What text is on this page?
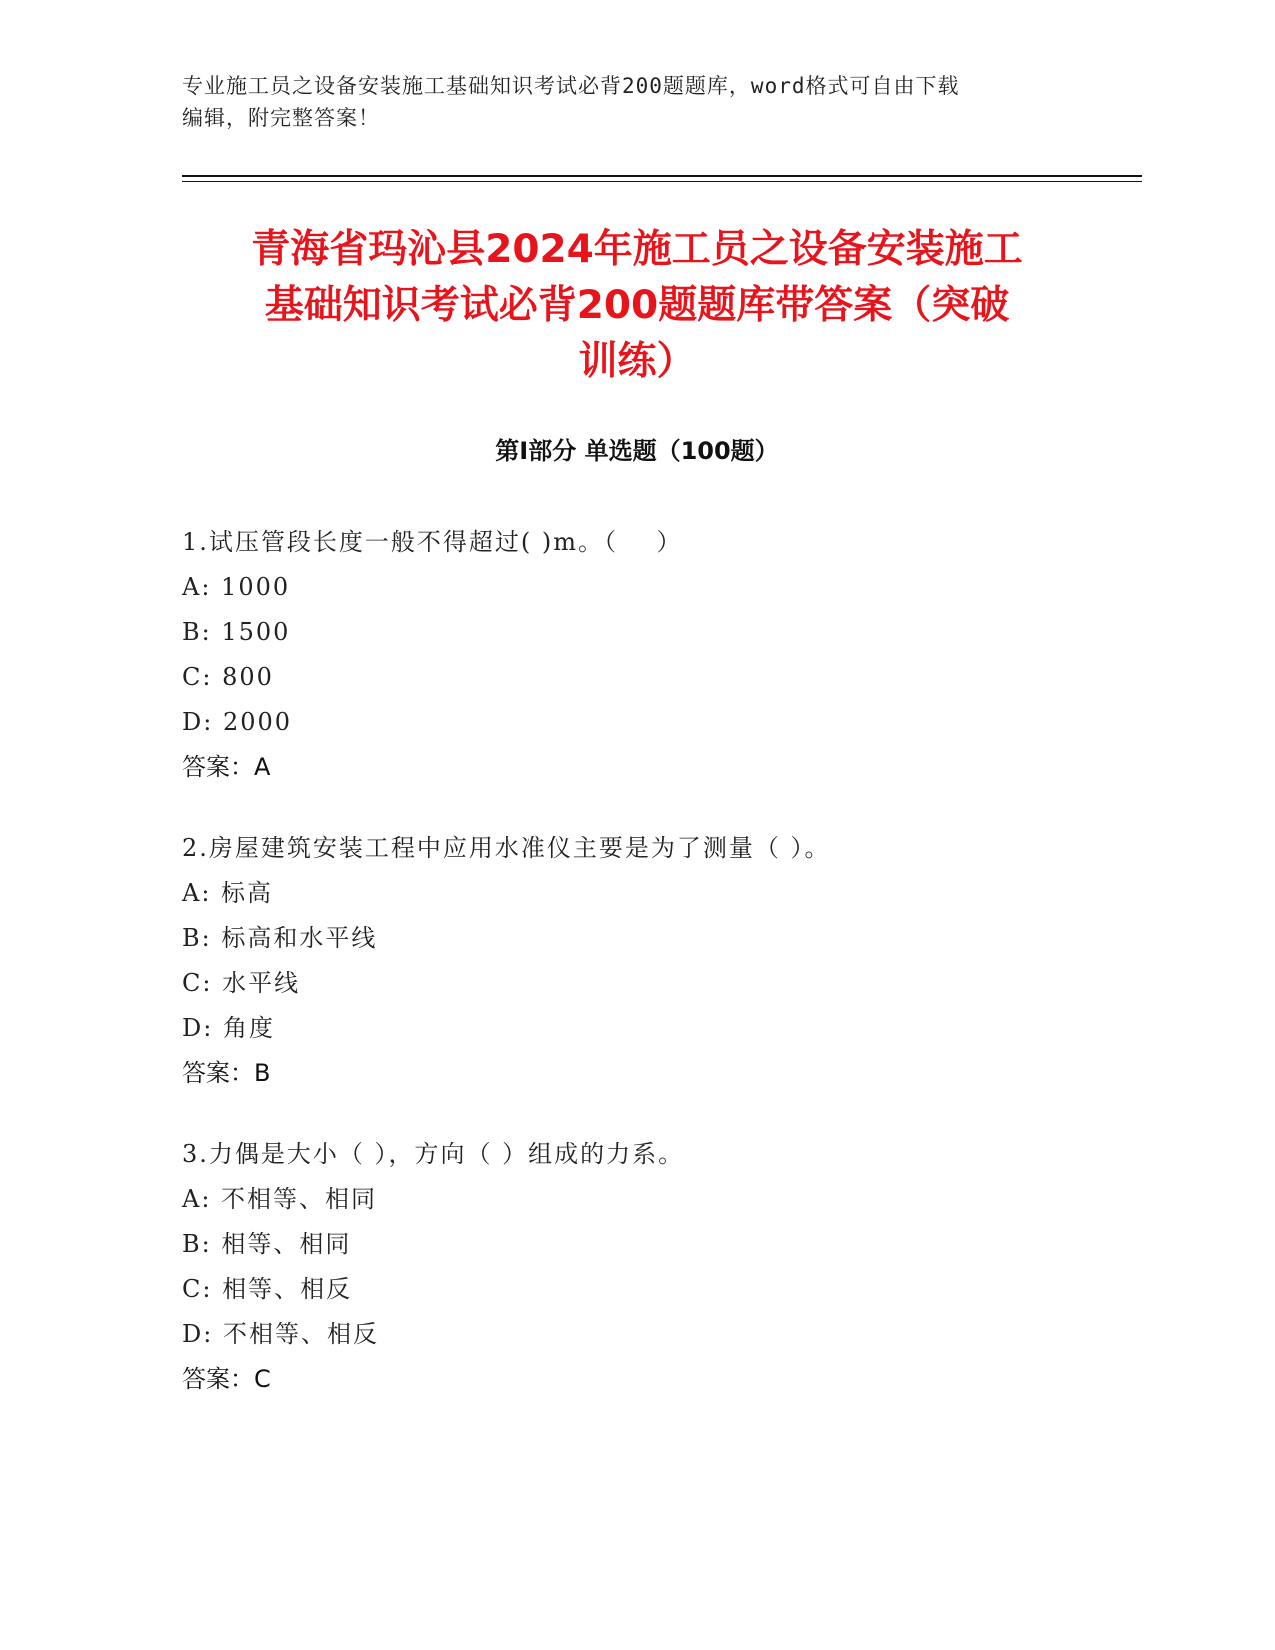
专业施工员之设备安装施工基础知识考试必背200题题库，word格式可自由下载
编辑，附完整答案！
青海省玛沁县2024年施工员之设备安装施工
基础知识考试必背200题题库带答案（突破
训练）
第I部分 单选题（100题）
1.试压管段长度一般不得超过( )m。（    ）
A: 1000
B: 1500
C: 800
D: 2000
答案：A
2.房屋建筑安装工程中应用水准仪主要是为了测量（ ）。
A: 标高
B: 标高和水平线
C: 水平线
D: 角度
答案：B
3.力偶是大小（ ），方向（ ）组成的力系。
A: 不相等、相同
B: 相等、相同
C: 相等、相反
D: 不相等、相反
答案：C
